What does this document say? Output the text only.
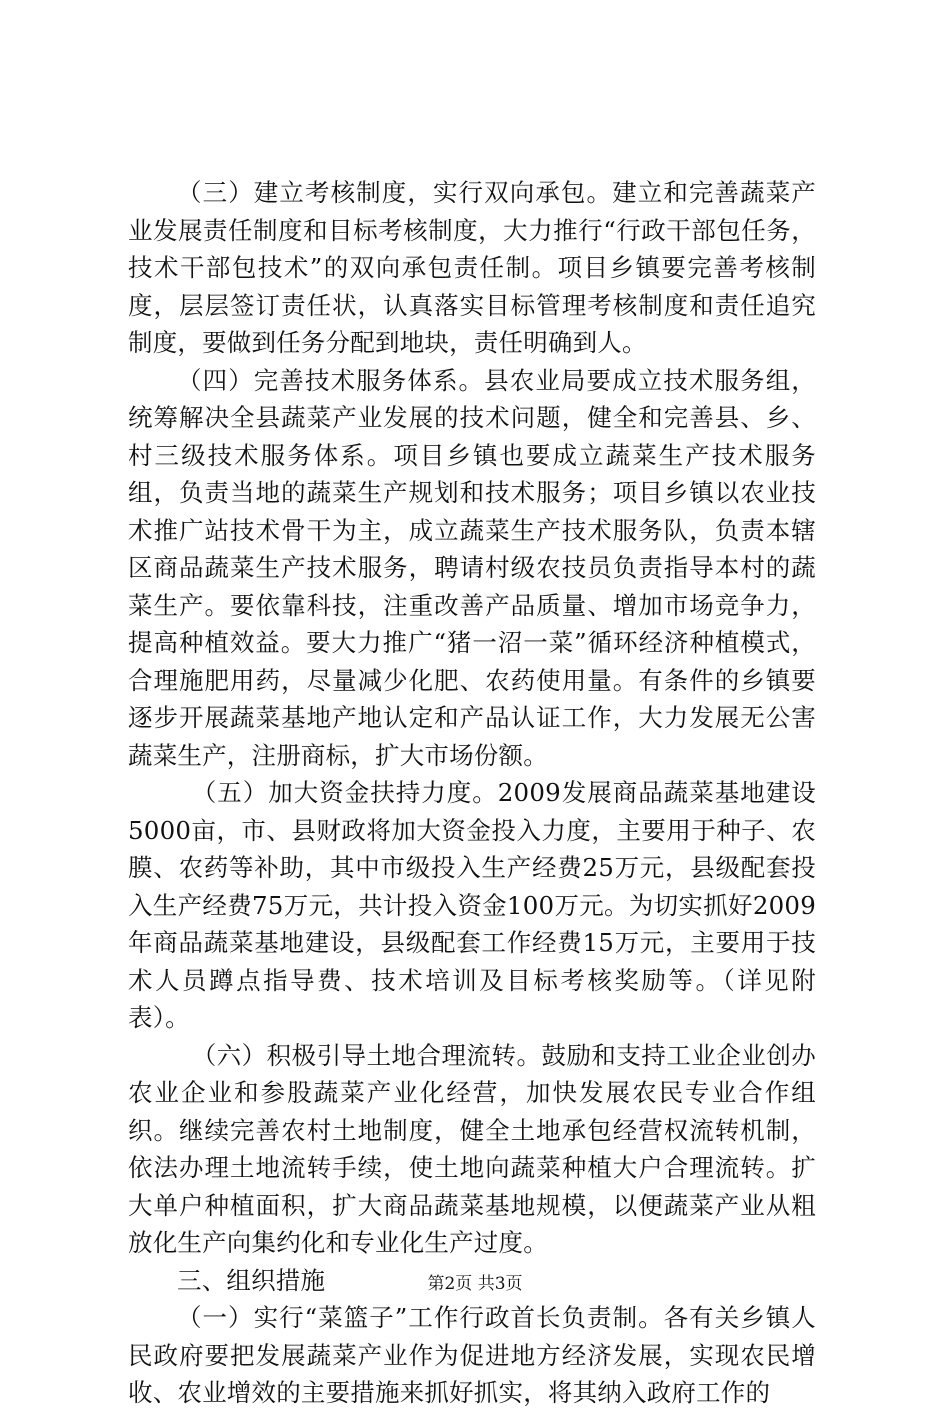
（三）建立考核制度，实行双向承包。建立和完善蔬菜产业发展责任制度和目标考核制度，大力推行“行政干部包任务，技术干部包技术”的双向承包责任制。项目乡镇要完善考核制度，层层签订责任状，认真落实目标管理考核制度和责任追究制度，要做到任务分配到地块，责任明确到人。

（四）完善技术服务体系。县农业局要成立技术服务组，统筹解决全县蔬菜产业发展的技术问题，健全和完善县、乡、村三级技术服务体系。项目乡镇也要成立蔬菜生产技术服务组，负责当地的蔬菜生产规划和技术服务；项目乡镇以农业技术推广站技术骨干为主，成立蔬菜生产技术服务队，负责本辖区商品蔬菜生产技术服务，聘请村级农技员负责指导本村的蔬菜生产。要依靠科技，注重改善产品质量、增加市场竞争力，提高种植效益。要大力推广“猪一沼一菜”循环经济种植模式，合理施肥用药，尽量减少化肥、农药使用量。有条件的乡镇要逐步开展蔬菜基地产地认定和产品认证工作，大力发展无公害蔬菜生产，注册商标，扩大市场份额。

（五）加大资金扶持力度。2009发展商品蔬菜基地建设5000亩，市、县财政将加大资金投入力度，主要用于种子、农膜、农药等补助，其中市级投入生产经费25万元，县级配套投入生产经费75万元，共计投入资金100万元。为切实抓好2009年商品蔬菜基地建设，县级配套工作经费15万元，主要用于技术人员蹲点指导费、技术培训及目标考核奖励等。（详见附表）。

（六）积极引导土地合理流转。鼓励和支持工业企业创办农业企业和参股蔬菜产业化经营，加快发展农民专业合作组织。继续完善农村土地制度，健全土地承包经营权流转机制，依法办理土地流转手续，使土地向蔬菜种植大户合理流转。扩大单户种植面积，扩大商品蔬菜基地规模，以便蔬菜产业从粗放化生产向集约化和专业化生产过度。

三、组织措施

（一）实行“菜篮子”工作行政首长负责制。各有关乡镇人民政府要把发展蔬菜产业作为促进地方经济发展，实现农民增收、农业增效的主要措施来抓好抓实，将其纳入政府工作的

第2页 共3页
